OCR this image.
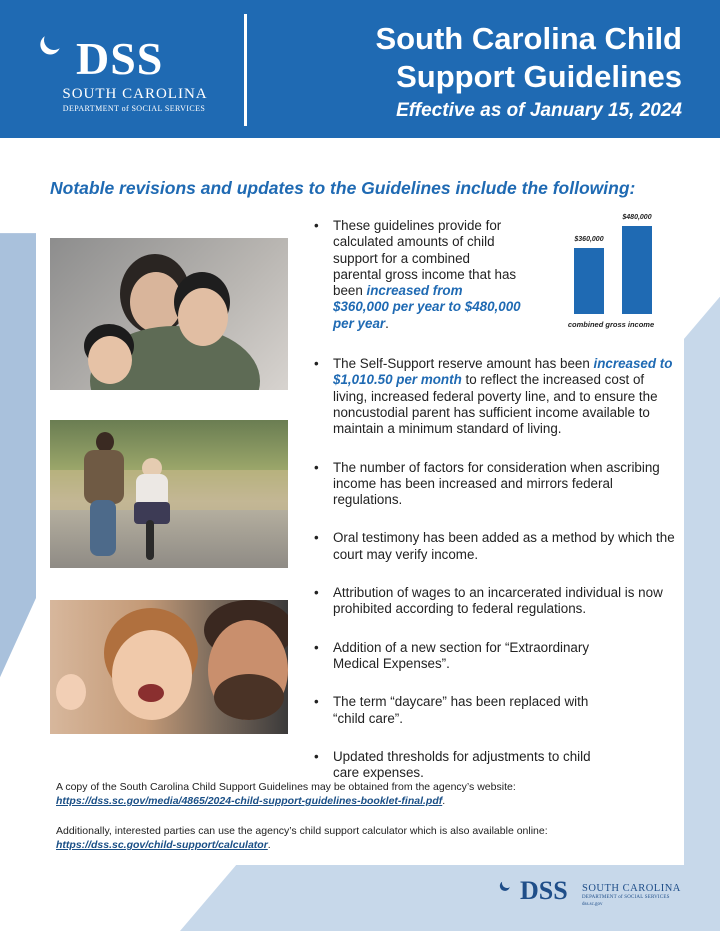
DSS
SOUTH CAROLINA
DEPARTMENT of SOCIAL SERVICES
South Carolina Child
Support Guidelines
Effective as of January 15, 2024
Notable revisions and updates to the Guidelines include the following:
$360,000
$480,000
combined gross income
• These guidelines provide for calculated amounts of child support for a combined parental gross income that has been increased from $360,000 per year to $480,000 per year.
• The Self-Support reserve amount has been increased to $1,010.50 per month to reflect the increased cost of living, increased federal poverty line, and to ensure the noncustodial parent has sufficient income available to maintain a minimum standard of living.
• The number of factors for consideration when ascribing income has been increased and mirrors federal regulations.
• Oral testimony has been added as a method by which the court may verify income.
• Attribution of wages to an incarcerated individual is now prohibited according to federal regulations.
• Addition of a new section for “Extraordinary Medical Expenses”.
• The term “daycare” has been replaced with “child care”.
• Updated thresholds for adjustments to child care expenses.
A copy of the South Carolina Child Support Guidelines may be obtained from the agency’s website:
https://dss.sc.gov/media/4865/2024-child-support-guidelines-booklet-final.pdf.
Additionally, interested parties can use the agency’s child support calculator which is also available online:
https://dss.sc.gov/child-support/calculator.
DSS SOUTH CAROLINA
DEPARTMENT of SOCIAL SERVICES
dss.sc.gov
